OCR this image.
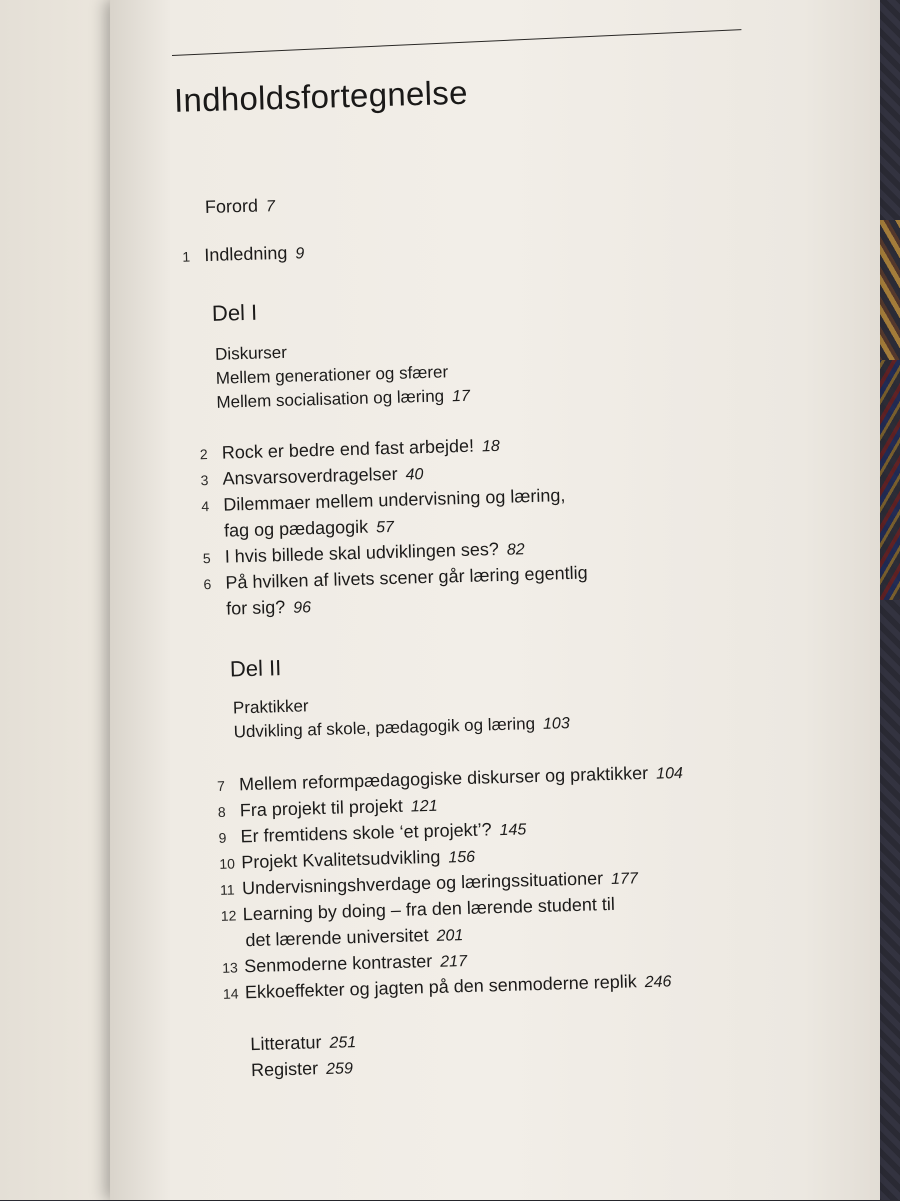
Indholdsfortegnelse
Forord 7
1 Indledning 9
Del I
Diskurser
Mellem generationer og sfærer
Mellem socialisation og læring 17
2 Rock er bedre end fast arbejde! 18
3 Ansvarsoverdragelser 40
4 Dilemmaer mellem undervisning og læring,
fag og pædagogik 57
5 I hvis billede skal udviklingen ses? 82
6 På hvilken af livets scener går læring egentlig
for sig? 96
Del II
Praktikker
Udvikling af skole, pædagogik og læring 103
7 Mellem reformpædagogiske diskurser og praktikker 104
8 Fra projekt til projekt 121
9 Er fremtidens skole ‘et projekt’? 145
10 Projekt Kvalitetsudvikling 156
11 Undervisningshverdage og læringssituationer 177
12 Learning by doing – fra den lærende student til
det lærende universitet 201
13 Senmoderne kontraster 217
14 Ekkoeffekter og jagten på den senmoderne replik 246
Litteratur 251
Register 259
